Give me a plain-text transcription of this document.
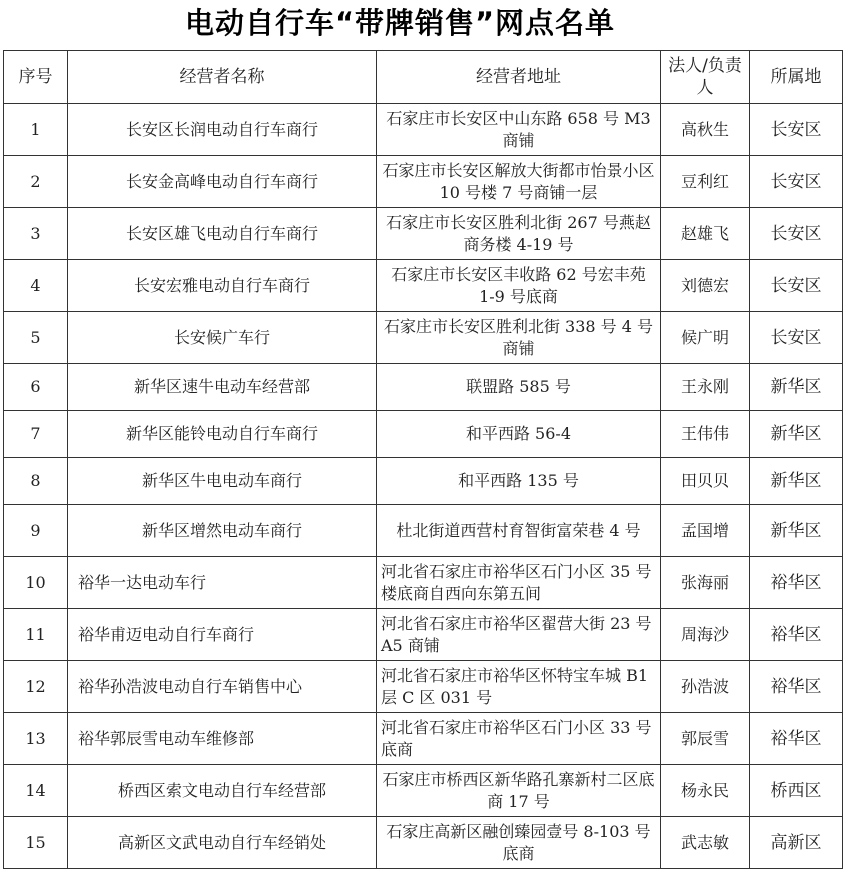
电动自行车“带牌销售”网点名单
序号	经营者名称	经营者地址	法人/负责人	所属地
1	长安区长润电动自行车商行	石家庄市长安区中山东路 658 号 M3 商铺	高秋生	长安区
2	长安金高峰电动自行车商行	石家庄市长安区解放大街都市怡景小区 10 号楼 7 号商铺一层	豆利红	长安区
3	长安区雄飞电动自行车商行	石家庄市长安区胜利北街 267 号燕赵商务楼 4-19 号	赵雄飞	长安区
4	长安宏雅电动自行车商行	石家庄市长安区丰收路 62 号宏丰苑 1-9 号底商	刘德宏	长安区
5	长安候广车行	石家庄市长安区胜利北街 338 号 4 号商铺	候广明	长安区
6	新华区速牛电动车经营部	联盟路 585 号	王永刚	新华区
7	新华区能铃电动自行车商行	和平西路 56-4	王伟伟	新华区
8	新华区牛电电动车商行	和平西路 135 号	田贝贝	新华区
9	新华区增然电动车商行	杜北街道西营村育智街富荣巷 4 号	孟国增	新华区
10	裕华一达电动车行	河北省石家庄市裕华区石门小区 35 号楼底商自西向东第五间	张海丽	裕华区
11	裕华甫迈电动自行车商行	河北省石家庄市裕华区翟营大街 23 号 A5 商铺	周海沙	裕华区
12	裕华孙浩波电动自行车销售中心	河北省石家庄市裕华区怀特宝车城 B1 层 C 区 031 号	孙浩波	裕华区
13	裕华郭辰雪电动车维修部	河北省石家庄市裕华区石门小区 33 号底商	郭辰雪	裕华区
14	桥西区索文电动自行车经营部	石家庄市桥西区新华路孔寨新村二区底商 17 号	杨永民	桥西区
15	高新区文武电动自行车经销处	石家庄高新区融创臻园壹号 8-103 号底商	武志敏	高新区
